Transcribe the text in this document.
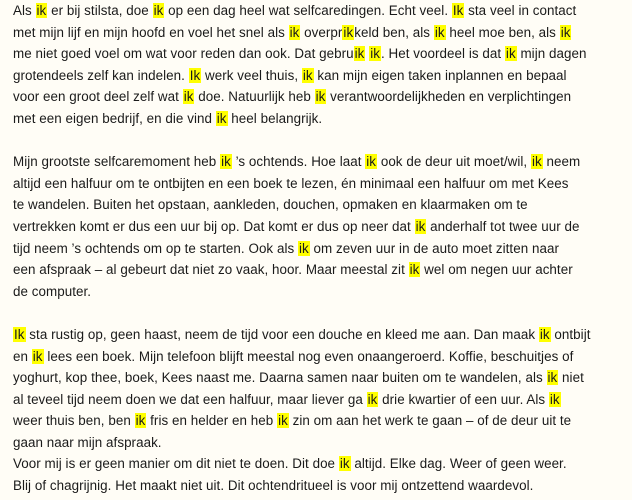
Als ik er bij stilsta, doe ik op een dag heel wat selfcaredingen. Echt veel. Ik sta veel in contact
met mijn lijf en mijn hoofd en voel het snel als ik overprikkeld ben, als ik heel moe ben, als ik
me niet goed voel om wat voor reden dan ook. Dat gebruik ik. Het voordeel is dat ik mijn dagen
grotendeels zelf kan indelen. Ik werk veel thuis, ik kan mijn eigen taken inplannen en bepaal
voor een groot deel zelf wat ik doe. Natuurlijk heb ik verantwoordelijkheden en verplichtingen
met een eigen bedrijf, en die vind ik heel belangrijk.

Mijn grootste selfcaremoment heb ik ’s ochtends. Hoe laat ik ook de deur uit moet/wil, ik neem
altijd een halfuur om te ontbijten en een boek te lezen, én minimaal een halfuur om met Kees
te wandelen. Buiten het opstaan, aankleden, douchen, opmaken en klaarmaken om te
vertrekken komt er dus een uur bij op. Dat komt er dus op neer dat ik anderhalf tot twee uur de
tijd neem ’s ochtends om op te starten. Ook als ik om zeven uur in de auto moet zitten naar
een afspraak – al gebeurt dat niet zo vaak, hoor. Maar meestal zit ik wel om negen uur achter
de computer.

Ik sta rustig op, geen haast, neem de tijd voor een douche en kleed me aan. Dan maak ik ontbijt
en ik lees een boek. Mijn telefoon blijft meestal nog even onaangeroerd. Koffie, beschuitjes of
yoghurt, kop thee, boek, Kees naast me. Daarna samen naar buiten om te wandelen, als ik niet
al teveel tijd neem doen we dat een halfuur, maar liever ga ik drie kwartier of een uur. Als ik
weer thuis ben, ben ik fris en helder en heb ik zin om aan het werk te gaan – of de deur uit te
gaan naar mijn afspraak.
Voor mij is er geen manier om dit niet te doen. Dit doe ik altijd. Elke dag. Weer of geen weer.
Blij of chagrijnig. Het maakt niet uit. Dit ochtendritueel is voor mij ontzettend waardevol.
